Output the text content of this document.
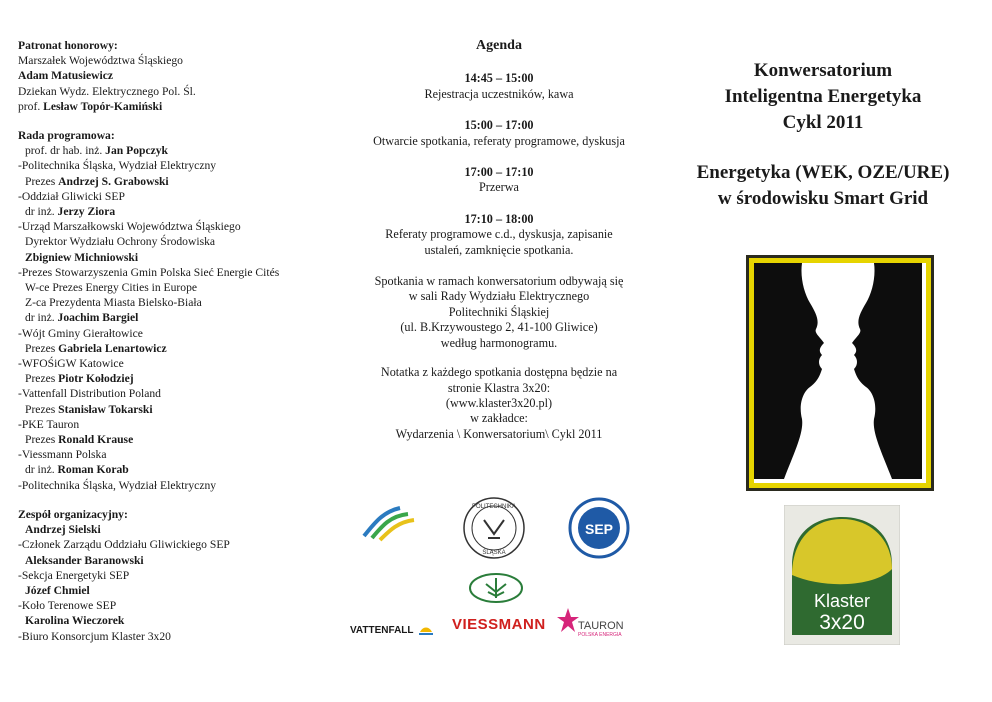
Patronat honorowy:
Marszałek Województwa Śląskiego
Adam Matusiewicz
Dziekan Wydz. Elektrycznego Pol. Śl.
prof. Lesław Topór-Kamiński
Rada programowa:
prof. dr hab. inż. Jan Popczyk
-Politechnika Śląska, Wydział Elektryczny
Prezes Andrzej S. Grabowski
-Oddział Gliwicki SEP
dr inż. Jerzy Ziora
-Urząd Marszałkowski Województwa Śląskiego
Dyrektor Wydziału Ochrony Środowiska
Zbigniew Michniowski
-Prezes Stowarzyszenia Gmin Polska Sieć Energie Cités
W-ce Prezes Energy Cities in Europe
Z-ca Prezydenta Miasta Bielsko-Biała
dr inż. Joachim Bargiel
-Wójt Gminy Gierałtowice
Prezes Gabriela Lenartowicz
-WFOŚiGW Katowice
Prezes Piotr Kołodziej
-Vattenfall Distribution Poland
Prezes Stanisław Tokarski
-PKE Tauron
Prezes Ronald Krause
-Viessmann Polska
dr inż. Roman Korab
-Politechnika Śląska, Wydział Elektryczny
Zespół organizacyjny:
Andrzej Sielski
-Członek Zarządu Oddziału Gliwickiego SEP
Aleksander Baranowski
-Sekcja Energetyki SEP
Józef Chmiel
-Koło Terenowe SEP
Karolina Wieczorek
-Biuro Konsorcjum Klaster 3x20
Agenda
14:45 – 15:00
Rejestracja uczestników, kawa
15:00 – 17:00
Otwarcie spotkania, referaty programowe, dyskusja
17:00 – 17:10
Przerwa
17:10 – 18:00
Referaty programowe c.d., dyskusja, zapisanie
ustaleń, zamknięcie spotkania.
Spotkania w ramach konwersatorium odbywają się
w sali Rady Wydziału Elektrycznego
Politechniki Śląskiej
(ul. B.Krzywoustego 2, 41-100 Gliwice)
według harmonogramu.
Notatka z każdego spotkania dostępna będzie na
stronie Klastra 3x20:
(www.klaster3x20.pl)
w zakładce:
Wydarzenia \ Konwersatorium\ Cykl 2011
Konwersatorium
Inteligentna Energetyka
Cykl 2011
Energetyka (WEK, OZE/URE)
w środowisku Smart Grid
Klaster
3x20
POLITECHNIKA
ŚLĄSKA
SEP
VATTENFALL	VIESSMANN	TAURON
POLSKA ENERGIA
